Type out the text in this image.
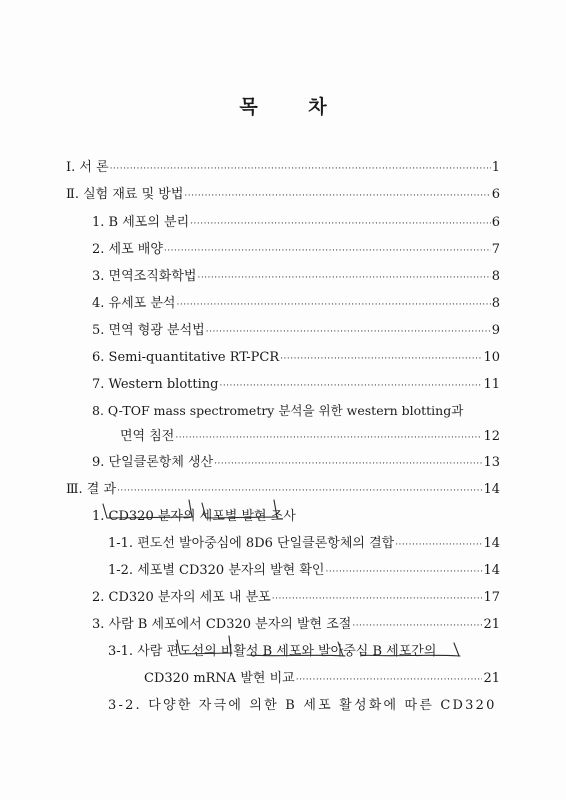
목 차
Ⅰ. 서 론 ·····	1
Ⅱ. 실험 재료 및 방법 ·····	6
1. B 세포의 분리 ·····	6
2. 세포 배양 ·····	7
3. 면역조직화학법 ·····	8
4. 유세포 분석 ·····	8
5. 면역 형광 분석법 ·····	9
6. Semi-quantitative RT-PCR ·····	10
7. Western blotting ·····	11
8. Q-TOF mass spectrometry 분석을 위한 western blotting과
면역 침전 ·····	12
9. 단일클론항체 생산 ·····	13
Ⅲ. 결 과 ·····	14
1. CD320 분자의 세포별 발현 조사
1-1. 편도선 발아중심에 8D6 단일클론항체의 결합 ·····	14
1-2. 세포별 CD320 분자의 발현 확인 ·····	14
2. CD320 분자의 세포 내 분포 ·····	17
3. 사람 B 세포에서 CD320 분자의 발현 조절 ·····	21
3-1. 사람 편도선의 비활성 B 세포와 발아중심 B 세포간의
CD320 mRNA 발현 비교 ·····	21
3-2. 다양한 자극에 의한 B 세포 활성화에 따른 CD320
